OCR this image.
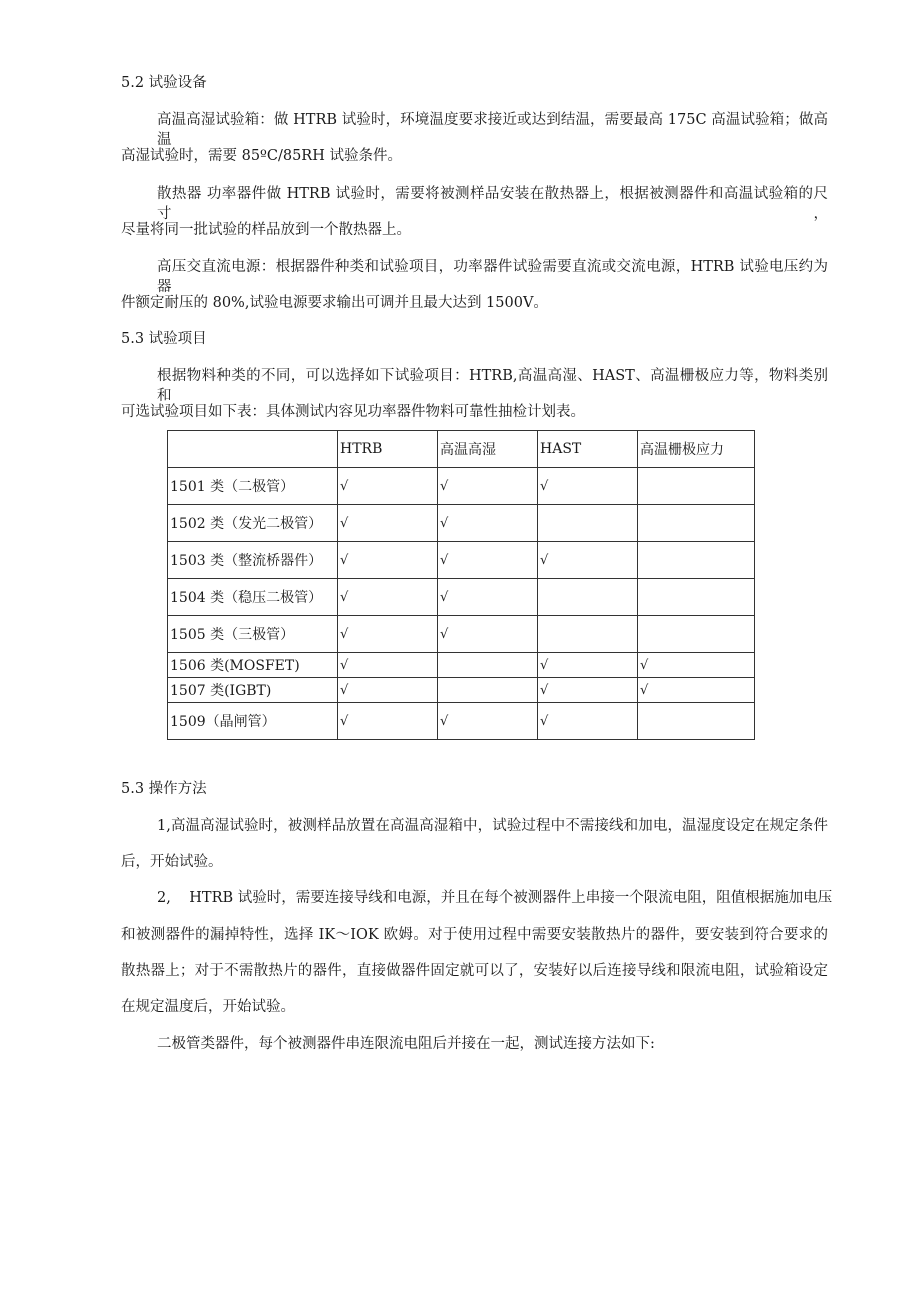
5.2 试验设备
高温高湿试验箱：做 HTRB 试验时，环境温度要求接近或达到结温，需要最高 175C 高温试验箱；做高温
高湿试验时，需要 85ºC/85RH 试验条件。
散热器 功率器件做 HTRB 试验时，需要将被测样品安装在散热器上，根据被测器件和高温试验箱的尺寸，
尽量将同一批试验的样品放到一个散热器上。
高压交直流电源：根据器件种类和试验项目，功率器件试验需要直流或交流电源，HTRB 试验电压约为器
件额定耐压的 80%,试验电源要求输出可调并且最大达到 1500V。
5.3 试验项目
根据物料种类的不同，可以选择如下试验项目：HTRB,高温高湿、HAST、高温栅极应力等，物料类别和
可选试验项目如下表：具体测试内容见功率器件物料可靠性抽检计划表。
	HTRB	高温高湿	HAST	高温栅极应力
1501 类（二极管）	√	√	√	
1502 类（发光二极管）	√	√		
1503 类（整流桥器件）	√	√	√	
1504 类（稳压二极管）	√	√		
1505 类（三极管）	√	√		
1506 类(MOSFET)	√		√	√
1507 类(IGBT)	√		√	√
1509（晶闸管）	√	√	√	
5.3 操作方法
1,高温高湿试验时，被测样品放置在高温高湿箱中，试验过程中不需接线和加电，温湿度设定在规定条件
后，开始试验。
2,    HTRB 试验时，需要连接导线和电源，并且在每个被测器件上串接一个限流电阻，阻值根据施加电压
和被测器件的漏掉特性，选择 IK～IOK 欧姆。对于使用过程中需要安装散热片的器件，要安装到符合要求的
散热器上；对于不需散热片的器件，直接做器件固定就可以了，安装好以后连接导线和限流电阻，试验箱设定
在规定温度后，开始试验。
二极管类器件，每个被测器件串连限流电阻后并接在一起，测试连接方法如下:
